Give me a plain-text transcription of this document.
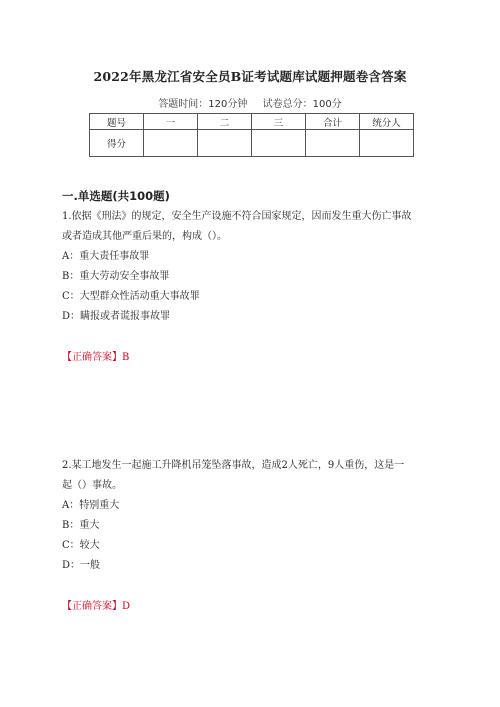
2022年黑龙江省安全员B证考试题库试题押题卷含答案
答题时间：120分钟 试卷总分：100分
题号	一	二	三	合计	统分人
得分					
一.单选题(共100题)
1.依据《刑法》的规定，安全生产设施不符合国家规定，因而发生重大伤亡事故
或者造成其他严重后果的，构成（）。
A：重大责任事故罪
B：重大劳动安全事故罪
C：大型群众性活动重大事故罪
D：瞒报或者谎报事故罪
【正确答案】B
2.某工地发生一起施工升降机吊笼坠落事故，造成2人死亡，9人重伤，这是一
起（）事故。
A：特别重大
B：重大
C：较大
D：一般
【正确答案】D
